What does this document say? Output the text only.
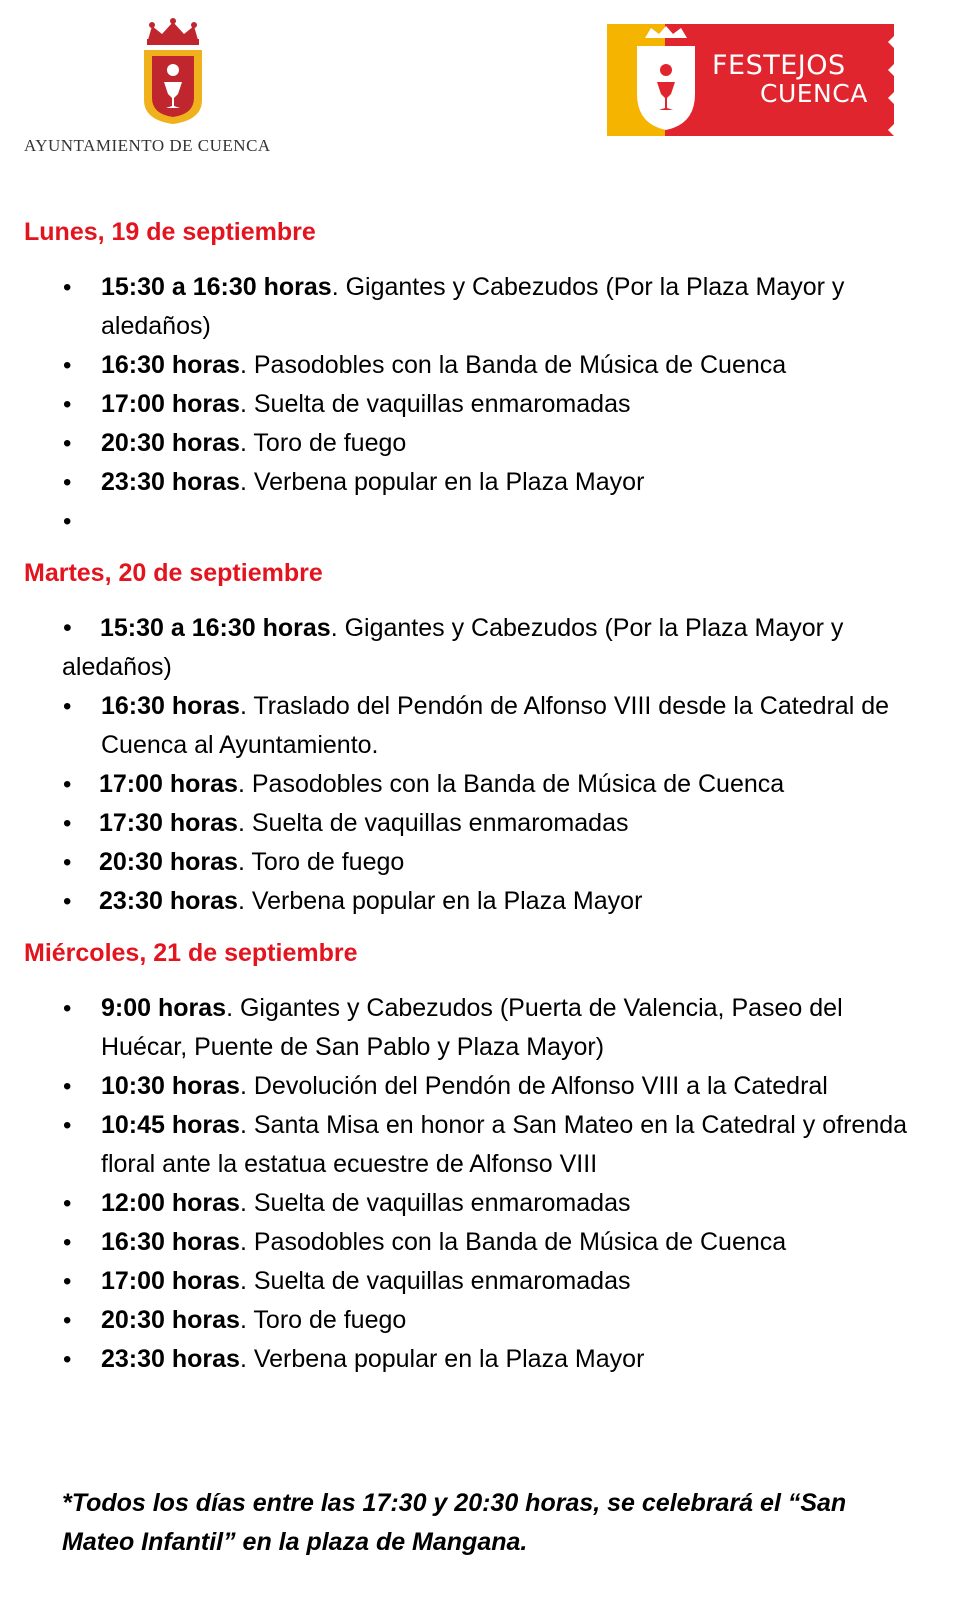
AYUNTAMIENTO DE CUENCA
FESTEJOS
CUENCA
Lunes, 19 de septiembre
• 15:30 a 16:30 horas. Gigantes y Cabezudos (Por la Plaza Mayor y aledaños)
• 16:30 horas. Pasodobles con la Banda de Música de Cuenca
• 17:00 horas. Suelta de vaquillas enmaromadas
• 20:30 horas. Toro de fuego
• 23:30 horas. Verbena popular en la Plaza Mayor
•

Martes, 20 de septiembre
• 15:30 a 16:30 horas. Gigantes y Cabezudos (Por la Plaza Mayor y aledaños)
• 16:30 horas. Traslado del Pendón de Alfonso VIII desde la Catedral de Cuenca al Ayuntamiento.
• 17:00 horas. Pasodobles con la Banda de Música de Cuenca
• 17:30 horas. Suelta de vaquillas enmaromadas
• 20:30 horas. Toro de fuego
• 23:30 horas. Verbena popular en la Plaza Mayor
Miércoles, 21 de septiembre
• 9:00 horas. Gigantes y Cabezudos (Puerta de Valencia, Paseo del Huécar, Puente de San Pablo y Plaza Mayor)
• 10:30 horas. Devolución del Pendón de Alfonso VIII a la Catedral
• 10:45 horas. Santa Misa en honor a San Mateo en la Catedral y ofrenda floral ante la estatua ecuestre de Alfonso VIII
• 12:00 horas. Suelta de vaquillas enmaromadas
• 16:30 horas. Pasodobles con la Banda de Música de Cuenca
• 17:00 horas. Suelta de vaquillas enmaromadas
• 20:30 horas. Toro de fuego
• 23:30 horas. Verbena popular en la Plaza Mayor
*Todos los días entre las 17:30 y 20:30 horas, se celebrará el “San Mateo Infantil” en la plaza de Mangana.
